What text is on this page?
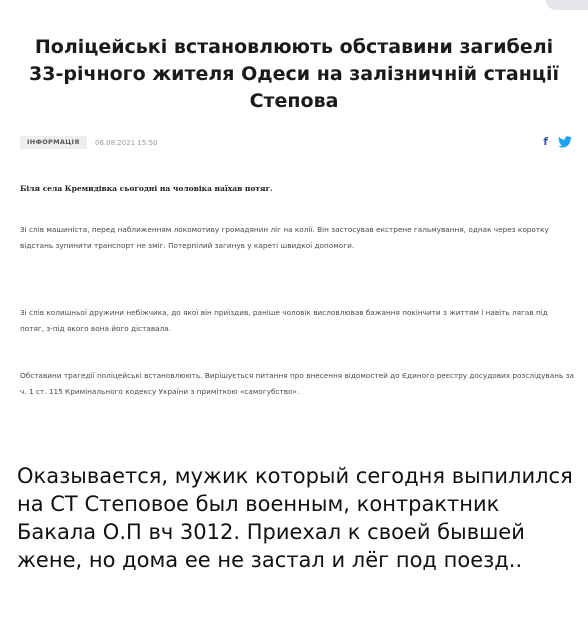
Поліцейські встановлюють обставини загибелі 33-річного жителя Одеси на залізничній станції Степова
ІНФОРМАЦІЯ	06.08.2021 15:50	f

Біля села Кремидівка сьогодні на чоловіка наїхав потяг.

Зі слів машиніста, перед наближенням локомотиву громадянин ліг на колії. Він застосував екстрене гальмування, однак через коротку відстань зупинити транспорт не зміг. Потерпілий загинув у кареті швидкої допомоги.

Зі слів колишньої дружини небіжчика, до якої він приїздив, раніше чоловік висловлював бажання покінчити з життям і навіть лягав під потяг, з-під якого вона його діставала.

Обставини трагедії поліцейські встановлюють. Вирішується питання про внесення відомостей до Єдиного реєстру досудових розслідувань за ч. 1 ст. 115 Кримінального кодексу України з приміткою «самогубство».

Оказывается, мужик который сегодня выпилился на СТ Степовое был военным, контрактник Бакала О.П вч 3012. Приехал к своей бывшей жене, но дома ее не застал и лёг под поезд..
